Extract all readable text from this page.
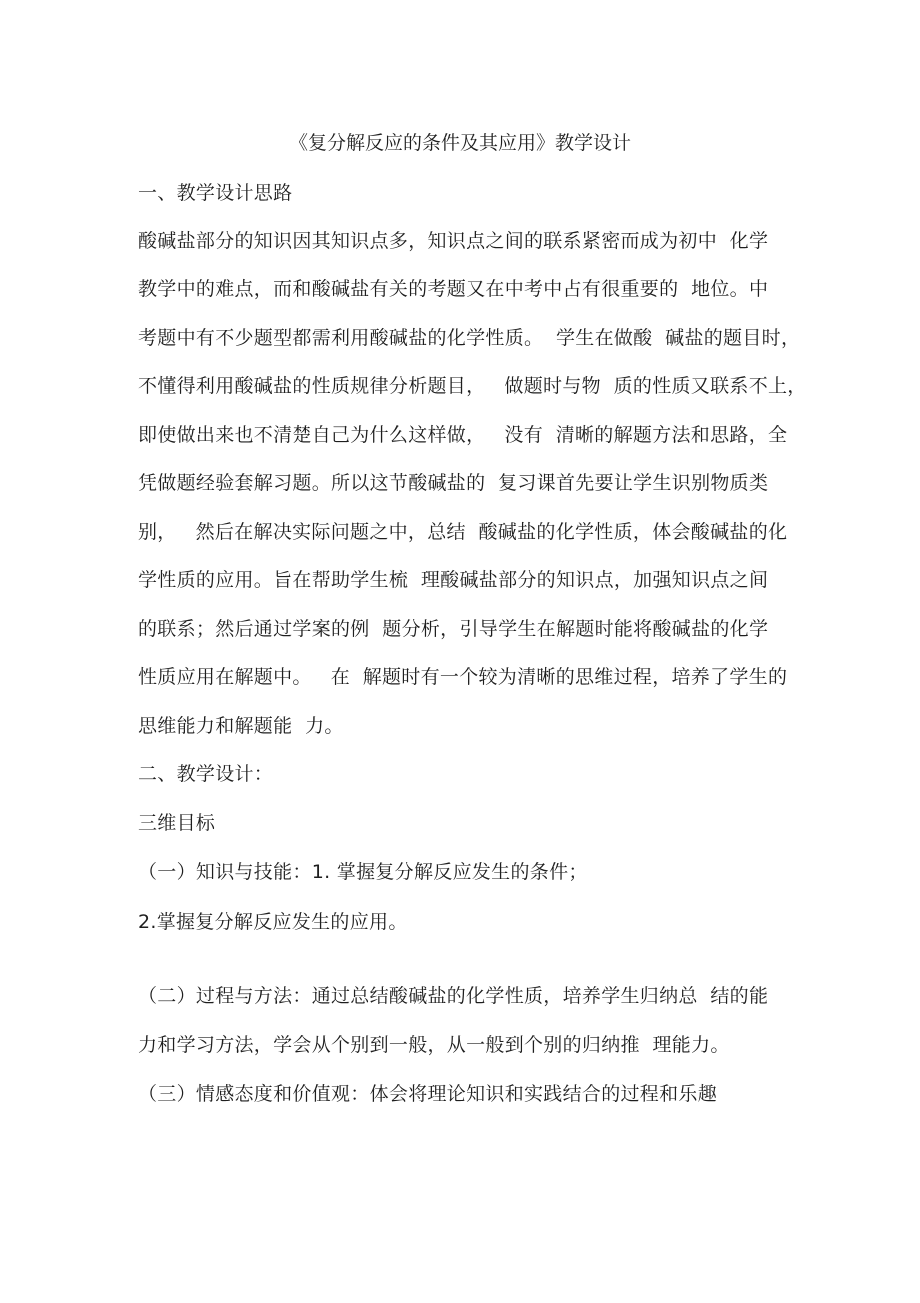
《复分解反应的条件及其应用》教学设计
一、教学设计思路
酸碱盐部分的知识因其知识点多，知识点之间的联系紧密而成为初中  化学
教学中的难点，而和酸碱盐有关的考题又在中考中占有很重要的  地位。中
考题中有不少题型都需利用酸碱盐的化学性质。  学生在做酸  碱盐的题目时，
不懂得利用酸碱盐的性质规律分析题目，   做题时与物  质的性质又联系不上，
即使做出来也不清楚自己为什么这样做，   没有  清晰的解题方法和思路，全
凭做题经验套解习题。所以这节酸碱盐的  复习课首先要让学生识别物质类
别，   然后在解决实际问题之中，总结  酸碱盐的化学性质，体会酸碱盐的化
学性质的应用。旨在帮助学生梳  理酸碱盐部分的知识点，加强知识点之间
的联系；然后通过学案的例  题分析，引导学生在解题时能将酸碱盐的化学
性质应用在解题中。   在  解题时有一个较为清晰的思维过程，培养了学生的
思维能力和解题能  力。
二、教学设计：
三维目标
（一）知识与技能：1. 掌握复分解反应发生的条件；
2.掌握复分解反应发生的应用。
（二）过程与方法：通过总结酸碱盐的化学性质，培养学生归纳总  结的能
力和学习方法，学会从个别到一般，从一般到个别的归纳推  理能力。
（三）情感态度和价值观：体会将理论知识和实践结合的过程和乐趣
